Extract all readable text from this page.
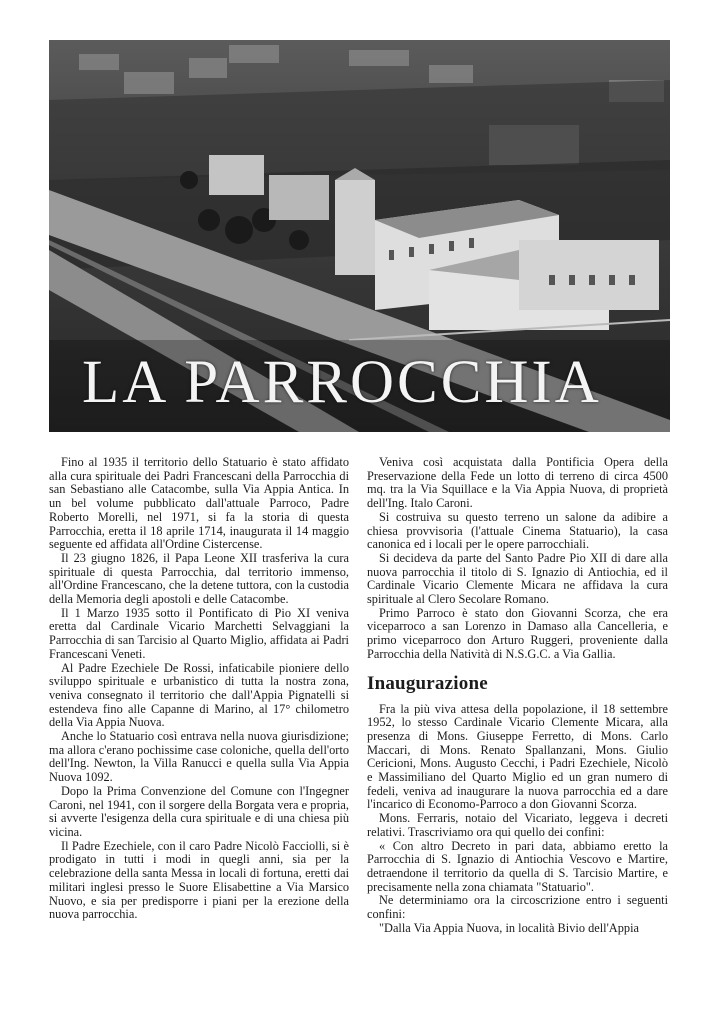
LA PARROCCHIA

Fino al 1935 il territorio dello Statuario è stato affidato alla cura spirituale dei Padri Francescani della Parrocchia di san Sebastiano alle Catacombe, sulla Via Appia Antica. In un bel volume pubblicato dall'attuale Parroco, Padre Roberto Morelli, nel 1971, si fa la storia di questa Parrocchia, eretta il 18 aprile 1714, inaugurata il 14 maggio seguente ed affidata all'Ordine Cistercense.

Il 23 giugno 1826, il Papa Leone XII trasferiva la cura spirituale di questa Parrocchia, dal territorio immenso, all'Ordine Francescano, che la detene tuttora, con la custodia della Memoria degli apostoli e delle Catacombe.

Il 1 Marzo 1935 sotto il Pontificato di Pio XI veniva eretta dal Cardinale Vicario Marchetti Selvaggiani la Parrocchia di san Tarcisio al Quarto Miglio, affidata ai Padri Francescani Veneti.

Al Padre Ezechiele De Rossi, infaticabile pioniere dello sviluppo spirituale e urbanistico di tutta la nostra zona, veniva consegnato il territorio che dall'Appia Pignatelli si estendeva fino alle Capanne di Marino, al 17° chilometro della Via Appia Nuova.

Anche lo Statuario così entrava nella nuova giurisdizione; ma allora c'erano pochissime case coloniche, quella dell'orto dell'Ing. Newton, la Villa Ranucci e quella sulla Via Appia Nuova 1092.

Dopo la Prima Convenzione del Comune con l'Ingegner Caroni, nel 1941, con il sorgere della Borgata vera e propria, si avverte l'esigenza della cura spirituale e di una chiesa più vicina.

Il Padre Ezechiele, con il caro Padre Nicolò Facciolli, si è prodigato in tutti i modi in quegli anni, sia per la celebrazione della santa Messa in locali di fortuna, eretti dai militari inglesi presso le Suore Elisabettine a Via Marsico Nuovo, e sia per predisporre i piani per la erezione della nuova parrocchia.

Veniva così acquistata dalla Pontificia Opera della Preservazione della Fede un lotto di terreno di circa 4500 mq. tra la Via Squillace e la Via Appia Nuova, di proprietà dell'Ing. Italo Caroni.

Si costruiva su questo terreno un salone da adibire a chiesa provvisoria (l'attuale Cinema Statuario), la casa canonica ed i locali per le opere parrocchiali.

Si decideva da parte del Santo Padre Pio XII di dare alla nuova parrocchia il titolo di S. Ignazio di Antiochia, ed il Cardinale Vicario Clemente Micara ne affidava la cura spirituale al Clero Secolare Romano.

Primo Parroco è stato don Giovanni Scorza, che era viceparroco a san Lorenzo in Damaso alla Cancelleria, e primo viceparroco don Arturo Ruggeri, proveniente dalla Parrocchia della Natività di N.S.G.C. a Via Gallia.

Inaugurazione

Fra la più viva attesa della popolazione, il 18 settembre 1952, lo stesso Cardinale Vicario Clemente Micara, alla presenza di Mons. Giuseppe Ferretto, di Mons. Carlo Maccari, di Mons. Renato Spallanzani, Mons. Giulio Cericioni, Mons. Augusto Cecchi, i Padri Ezechiele, Nicolò e Massimiliano del Quarto Miglio ed un gran numero di fedeli, veniva ad inaugurare la nuova parrocchia ed a dare l'incarico di Economo-Parroco a don Giovanni Scorza.

Mons. Ferraris, notaio del Vicariato, leggeva i decreti relativi. Trascriviamo ora qui quello dei confini:

« Con altro Decreto in pari data, abbiamo eretto la Parrocchia di S. Ignazio di Antiochia Vescovo e Martire, detraendone il territorio da quella di S. Tarcisio Martire, e precisamente nella zona chiamata "Statuario".

Ne determiniamo ora la circoscrizione entro i seguenti confini:

"Dalla Via Appia Nuova, in località Bivio dell'Appia
